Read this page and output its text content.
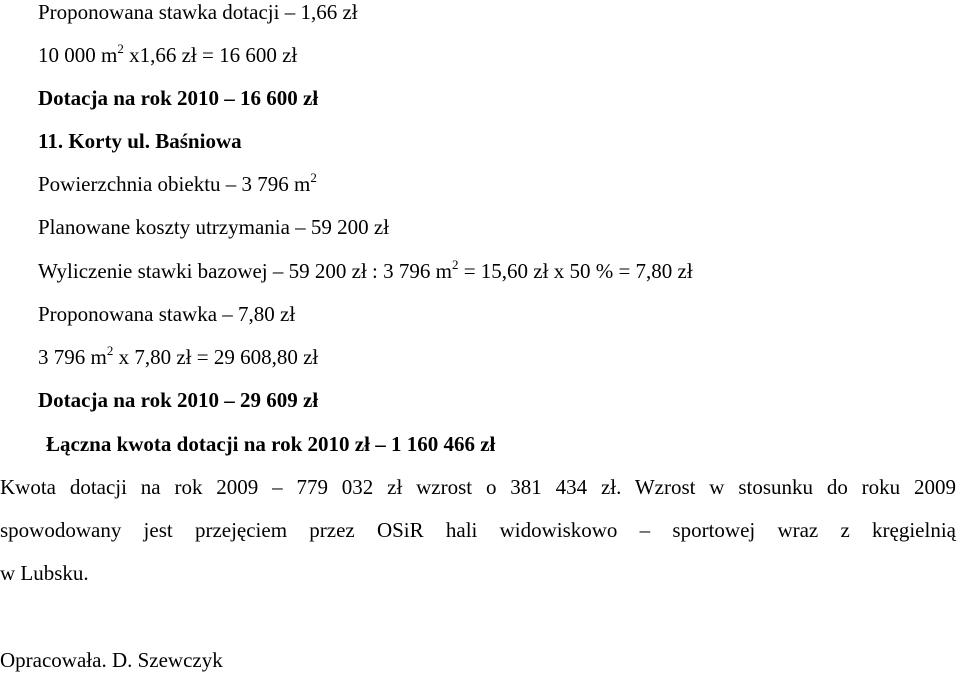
Proponowana stawka dotacji – 1,66 zł
10 000 $m^2$ x1,66 zł = 16 600 zł
Dotacja na rok 2010 – 16 600 zł
11. Korty ul. Baśniowa
Powierzchnia obiektu – 3 796 $m^2$
Planowane koszty utrzymania – 59 200 zł
Wyliczenie stawki bazowej – 59 200 zł : 3 796 $m^2 = 15,60$ zł x 50 % = 7,80 zł
Proponowana stawka – 7,80 zł
3 796 $m^2$ x 7,80 zł = 29 608,80 zł
Dotacja na rok 2010 – 29 609 zł
Łączna kwota dotacji na rok 2010 zł – 1 160 466 zł
Kwota dotacji na rok 2009 – 779 032 zł wzrost o 381 434 zł. Wzrost w stosunku do roku 2009
spowodowany jest przejęciem przez OSiR hali widowiskowo – sportowej wraz z kręgielnią
w Lubsku.
Opracowała. D. Szewczyk
